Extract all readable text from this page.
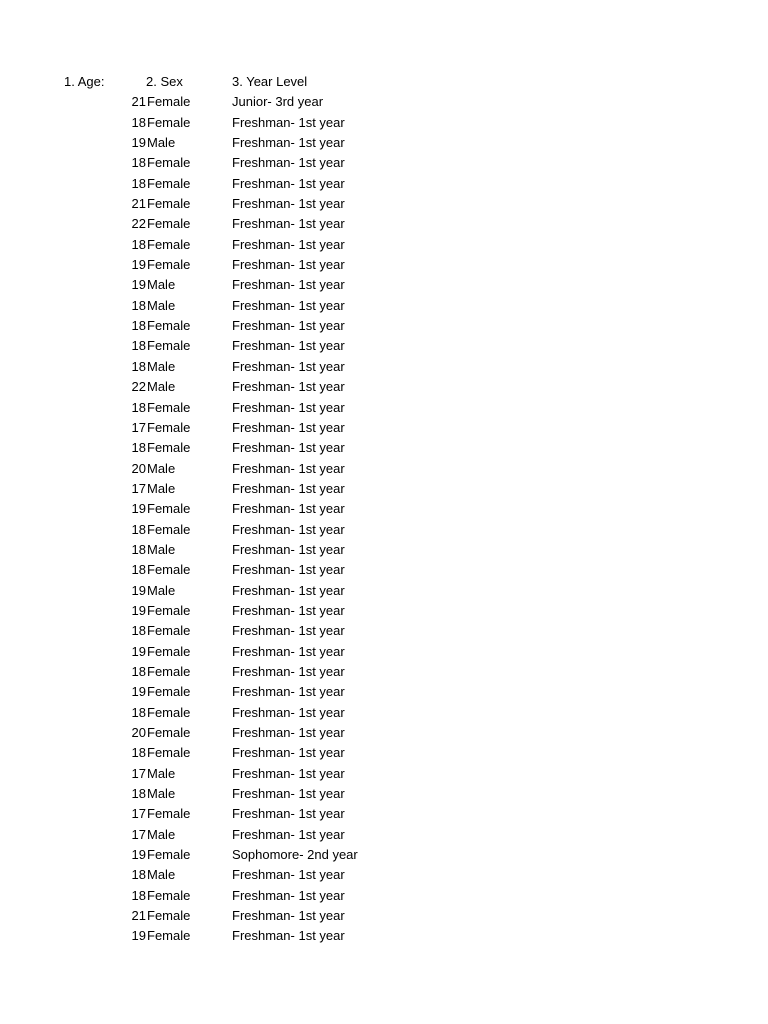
1. Age:	2. Sex	3. Year Level
21 Female	Junior- 3rd year
18 Female	Freshman- 1st year
19 Male	Freshman- 1st year
18 Female	Freshman- 1st year
18 Female	Freshman- 1st year
21 Female	Freshman- 1st year
22 Female	Freshman- 1st year
18 Female	Freshman- 1st year
19 Female	Freshman- 1st year
19 Male	Freshman- 1st year
18 Male	Freshman- 1st year
18 Female	Freshman- 1st year
18 Female	Freshman- 1st year
18 Male	Freshman- 1st year
22 Male	Freshman- 1st year
18 Female	Freshman- 1st year
17 Female	Freshman- 1st year
18 Female	Freshman- 1st year
20 Male	Freshman- 1st year
17 Male	Freshman- 1st year
19 Female	Freshman- 1st year
18 Female	Freshman- 1st year
18 Male	Freshman- 1st year
18 Female	Freshman- 1st year
19 Male	Freshman- 1st year
19 Female	Freshman- 1st year
18 Female	Freshman- 1st year
19 Female	Freshman- 1st year
18 Female	Freshman- 1st year
19 Female	Freshman- 1st year
18 Female	Freshman- 1st year
20 Female	Freshman- 1st year
18 Female	Freshman- 1st year
17 Male	Freshman- 1st year
18 Male	Freshman- 1st year
17 Female	Freshman- 1st year
17 Male	Freshman- 1st year
19 Female	Sophomore- 2nd year
18 Male	Freshman- 1st year
18 Female	Freshman- 1st year
21 Female	Freshman- 1st year
19 Female	Freshman- 1st year
